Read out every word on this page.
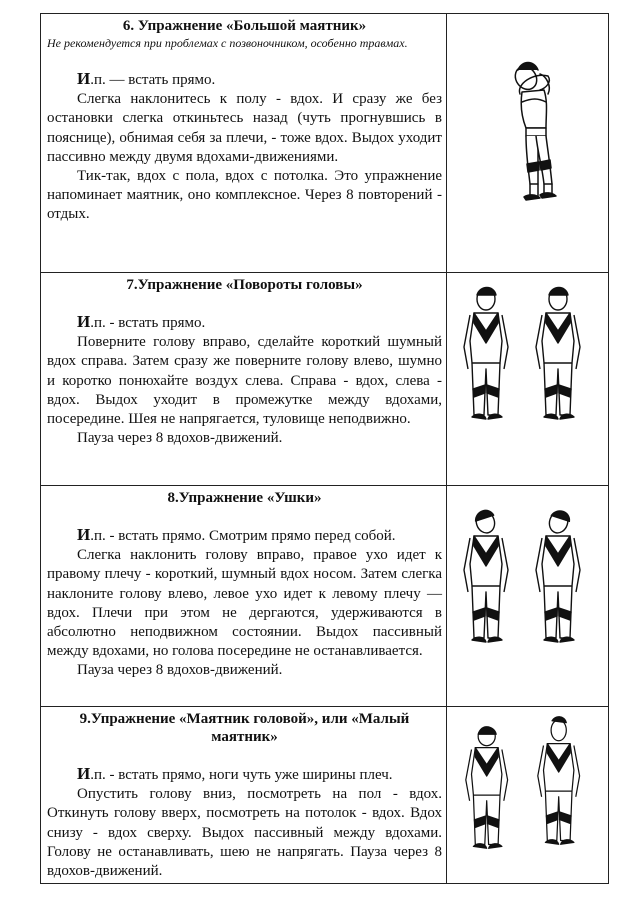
6. Упражнение «Большой маятник»
Не рекомендуется при проблемах с позвоночником, особенно травмах.
И.п. — встать прямо.
Слегка наклонитесь к полу - вдох. И сразу же без остановки слегка откиньтесь назад (чуть прогнувшись в пояснице), обнимая себя за плечи, - тоже вдох. Выдох уходит пассивно между двумя вдохами-движениями.
Тик-так, вдох с пола, вдох с потолка. Это упражнение напоминает маятник, оно комплексное. Через 8 повторений - отдых.

7.Упражнение «Повороты головы»
И.п. - встать прямо.
Поверните голову вправо, сделайте короткий шумный вдох справа. Затем сразу же поверните голову влево, шумно и коротко понюхайте воздух слева. Справа - вдох, слева - вдох. Выдох уходит в промежутке между вдохами, посередине. Шея не напрягается, туловище неподвижно.
Пауза через 8 вдохов-движений.

8.Упражнение «Ушки»
И.п. - встать прямо. Смотрим прямо перед собой.
Слегка наклонить голову вправо, правое ухо идет к правому плечу - короткий, шумный вдох носом. Затем слегка наклоните голову влево, левое ухо идет к левому плечу — вдох. Плечи при этом не дергаются, удерживаются в абсолютно неподвижном состоянии. Выдох пассивный между вдохами, но голова посередине не останавливается.
Пауза через 8 вдохов-движений.

9.Упражнение «Маятник головой», или «Малый маятник»
И.п. - встать прямо, ноги чуть уже ширины плеч.
Опустить голову вниз, посмотреть на пол - вдох. Откинуть голову вверх, посмотреть на потолок - вдох. Вдох снизу - вдох сверху. Выдох пассивный между вдохами. Голову не останавливать, шею не напрягать. Пауза через 8 вдохов-движений.
